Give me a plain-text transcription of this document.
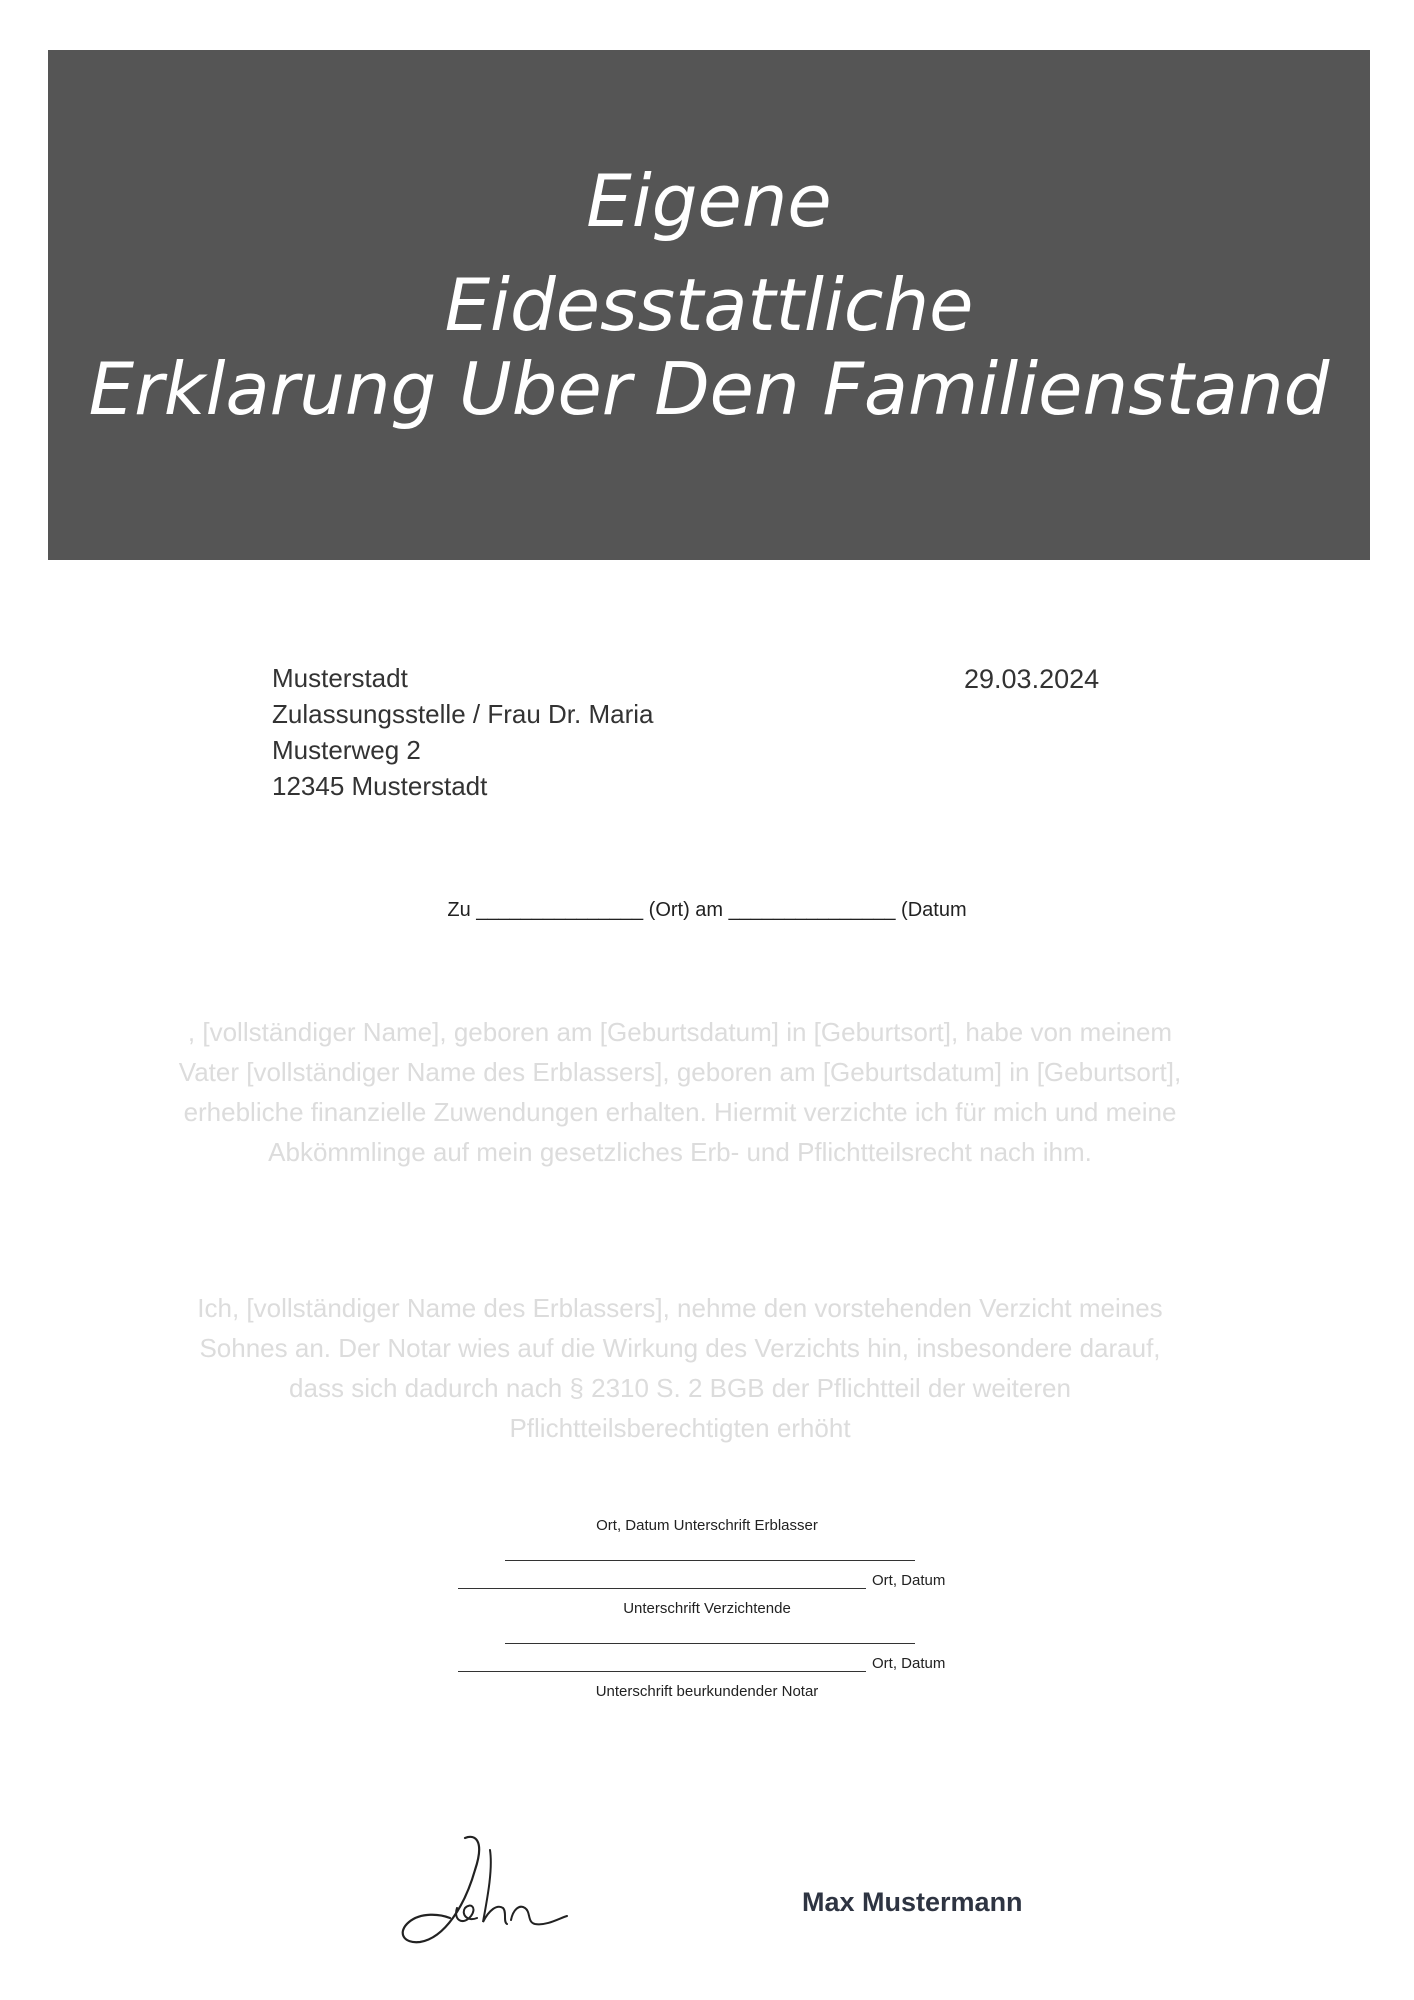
Eigene
Eidesstattliche
Erklarung Uber Den Familienstand
Musterstadt
Zulassungsstelle / Frau Dr. Maria
Musterweg 2
12345 Musterstadt
29.03.2024
Zu _______________ (Ort) am _______________ (Datum
, [vollständiger Name], geboren am [Geburtsdatum] in [Geburtsort], habe von meinem Vater [vollständiger Name des Erblassers], geboren am [Geburtsdatum] in [Geburtsort], erhebliche finanzielle Zuwendungen erhalten. Hiermit verzichte ich für mich und meine Abkömmlinge auf mein gesetzliches Erb- und Pflichtteilsrecht nach ihm.
Ich, [vollständiger Name des Erblassers], nehme den vorstehenden Verzicht meines Sohnes an. Der Notar wies auf die Wirkung des Verzichts hin, insbesondere darauf, dass sich dadurch nach § 2310 S. 2 BGB der Pflichtteil der weiteren Pflichtteilsberechtigten erhöht
Ort, Datum Unterschrift Erblasser
Ort, Datum
Unterschrift Verzichtende
Ort, Datum
Unterschrift beurkundender Notar
Max Mustermann
